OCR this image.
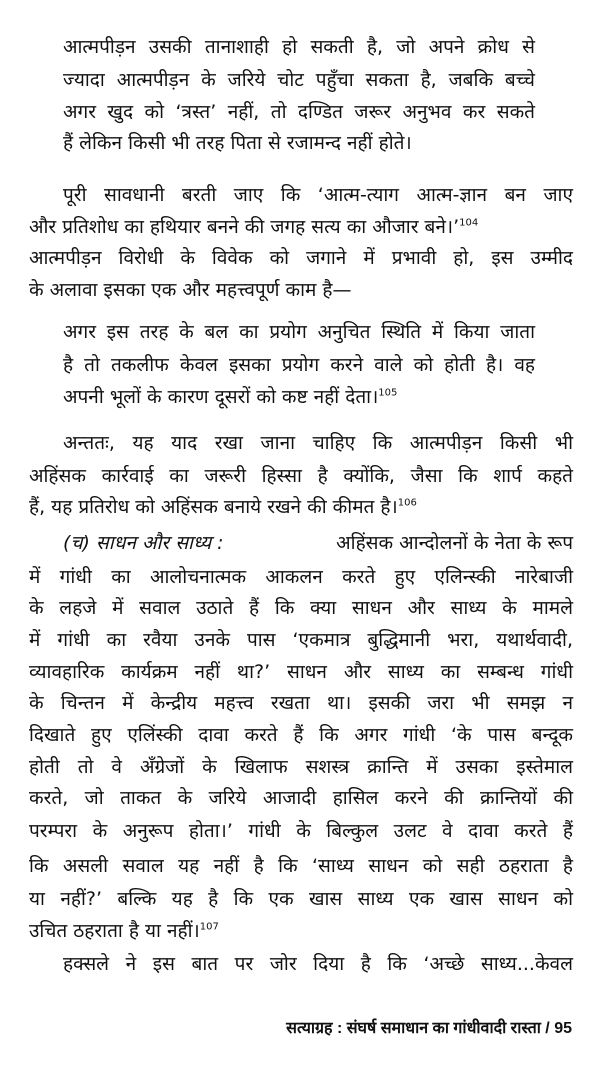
आत्मपीड़न उसकी तानाशाही हो सकती है, जो अपने क्रोध से
ज्यादा आत्मपीड़न के जरिये चोट पहुँचा सकता है, जबकि बच्चे
अगर खुद को ‘त्रस्त’ नहीं, तो दण्डित जरूर अनुभव कर सकते
हैं लेकिन किसी भी तरह पिता से रजामन्द नहीं होते।
पूरी सावधानी बरती जाए कि ‘आत्म-त्याग आत्म-ज्ञान बन जाए
और प्रतिशोध का हथियार बनने की जगह सत्य का औजार बने।’$^{104}$
आत्मपीड़न विरोधी के विवेक को जगाने में प्रभावी हो, इस उम्मीद
के अलावा इसका एक और महत्त्वपूर्ण काम है—
अगर इस तरह के बल का प्रयोग अनुचित स्थिति में किया जाता
है तो तकलीफ केवल इसका प्रयोग करने वाले को होती है। वह
अपनी भूलों के कारण दूसरों को कष्ट नहीं देता।$^{105}$
अन्ततः, यह याद रखा जाना चाहिए कि आत्मपीड़न किसी भी
अहिंसक कार्रवाई का जरूरी हिस्सा है क्योंकि, जैसा कि शार्प कहते
हैं, यह प्रतिरोध को अहिंसक बनाये रखने की कीमत है।$^{106}$
(च) साधन और साध्य :	अहिंसक आन्दोलनों के नेता के रूप
में गांधी का आलोचनात्मक आकलन करते हुए एलिन्स्की नारेबाजी
के लहजे में सवाल उठाते हैं कि क्या साधन और साध्य के मामले
में गांधी का रवैया उनके पास ‘एकमात्र बुद्धिमानी भरा, यथार्थवादी,
व्यावहारिक कार्यक्रम नहीं था?’ साधन और साध्य का सम्बन्ध गांधी
के चिन्तन में केन्द्रीय महत्त्व रखता था। इसकी जरा भी समझ न
दिखाते हुए एलिंस्की दावा करते हैं कि अगर गांधी ‘के पास बन्दूक
होती तो वे अँग्रेजों के खिलाफ सशस्त्र क्रान्ति में उसका इस्तेमाल
करते, जो ताकत के जरिये आजादी हासिल करने की क्रान्तियों की
परम्परा के अनुरूप होता।’ गांधी के बिल्कुल उलट वे दावा करते हैं
कि असली सवाल यह नहीं है कि ‘साध्य साधन को सही ठहराता है
या नहीं?’ बल्कि यह है कि एक खास साध्य एक खास साधन को
उचित ठहराता है या नहीं।$^{107}$
हक्सले ने इस बात पर जोर दिया है कि ‘अच्छे साध्य...केवल
सत्याग्रह : संघर्ष समाधान का गांधीवादी रास्ता / 95
